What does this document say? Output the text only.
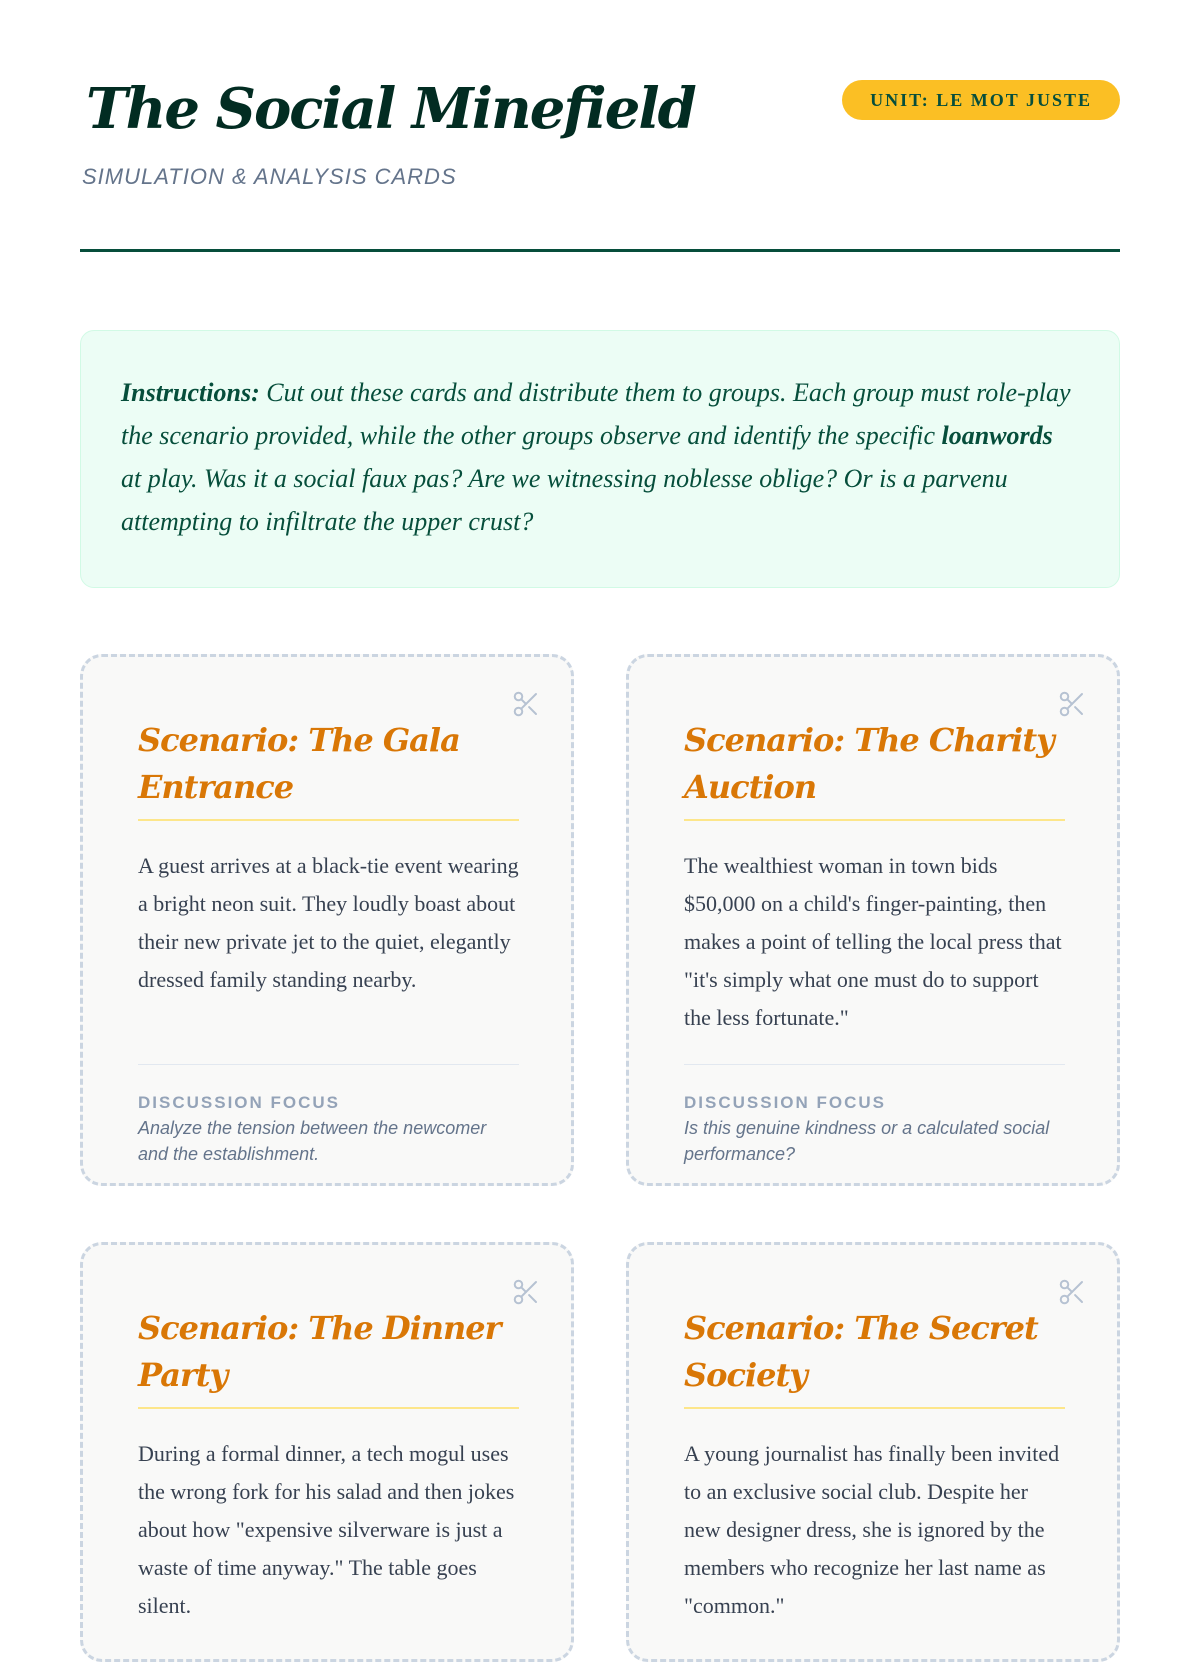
The Social Minefield
SIMULATION & ANALYSIS CARDS
UNIT: LE MOT JUSTE
Instructions: Cut out these cards and distribute them to groups. Each group must role-play the scenario provided, while the other groups observe and identify the specific loanwords at play. Was it a social faux pas? Are we witnessing noblesse oblige? Or is a parvenu attempting to infiltrate the upper crust?
Scenario: The Gala Entrance

A guest arrives at a black-tie event wearing a bright neon suit. They loudly boast about their new private jet to the quiet, elegantly dressed family standing nearby.

DISCUSSION FOCUS
Analyze the tension between the newcomer and the establishment.
Scenario: The Charity Auction

The wealthiest woman in town bids $50,000 on a child's finger-painting, then makes a point of telling the local press that "it's simply what one must do to support the less fortunate."

DISCUSSION FOCUS
Is this genuine kindness or a calculated social performance?
Scenario: The Dinner Party

During a formal dinner, a tech mogul uses the wrong fork for his salad and then jokes about how "expensive silverware is just a waste of time anyway." The table goes silent.

Scenario: The Secret Society

A young journalist has finally been invited to an exclusive social club. Despite her new designer dress, she is ignored by the members who recognize her last name as "common."
